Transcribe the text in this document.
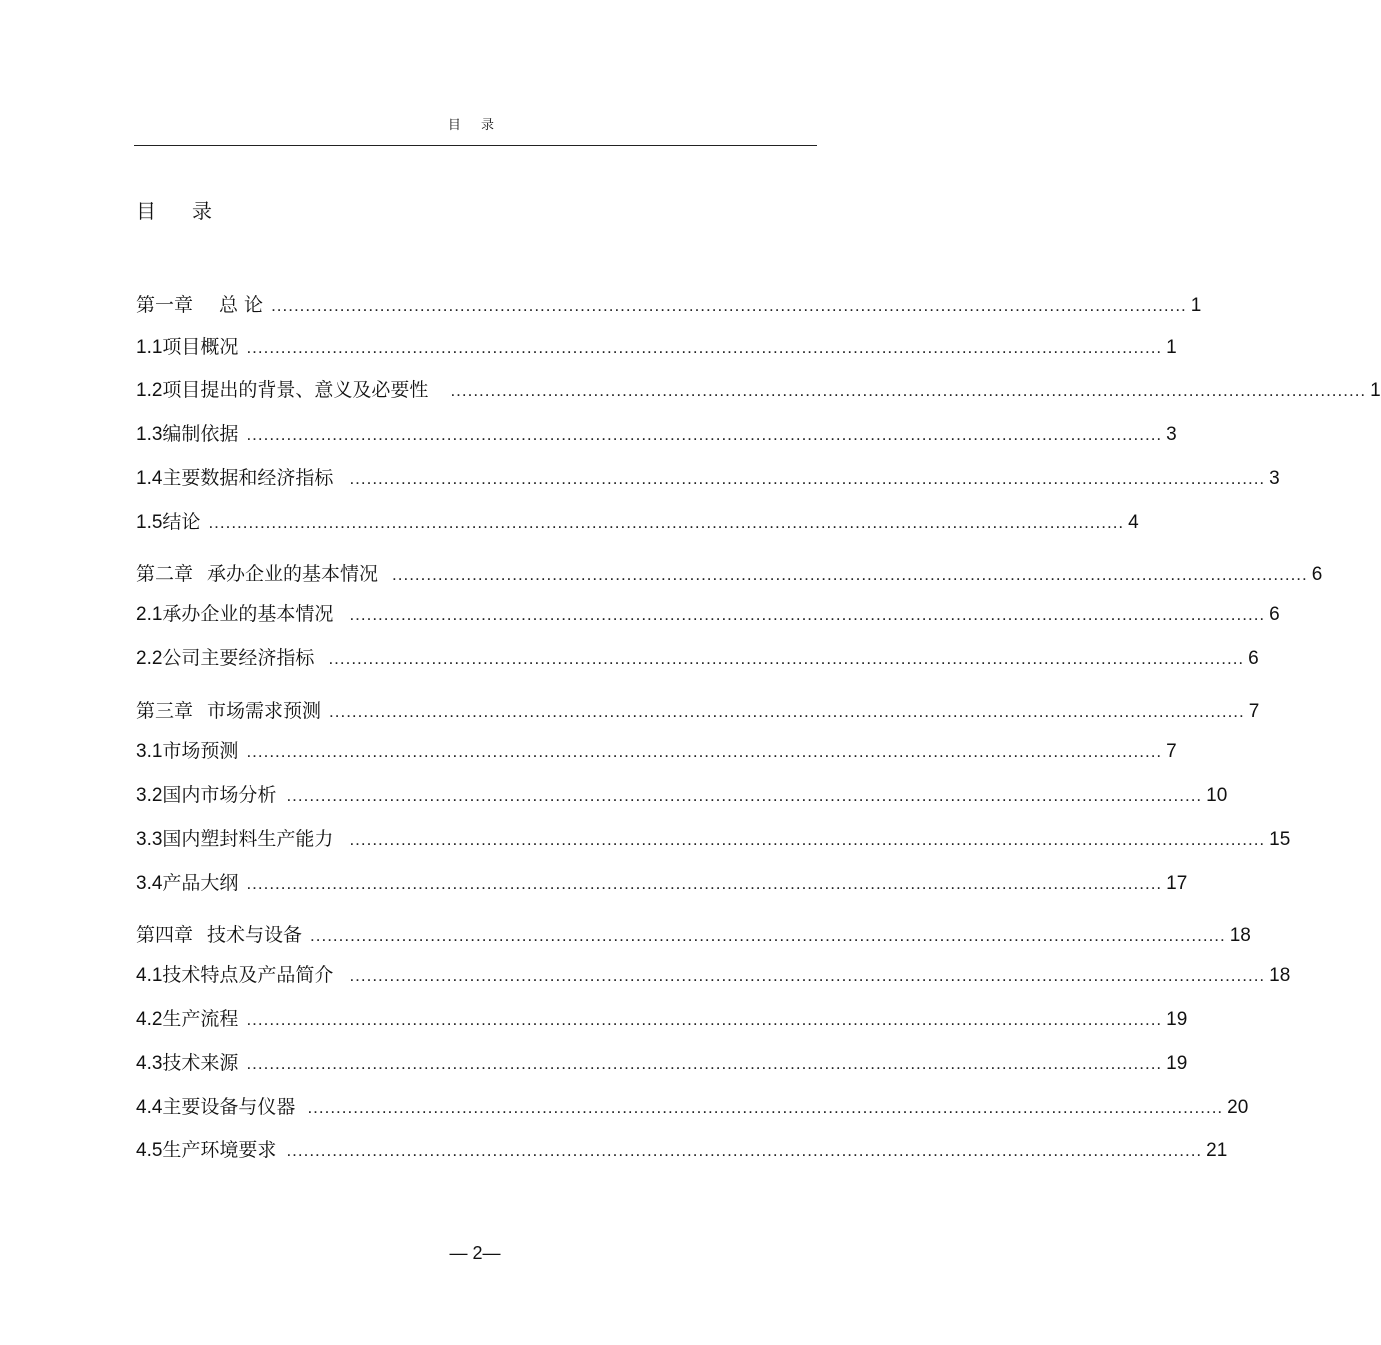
目 录
目 录
第一章 总 论 ................................................................................................................................................................ 1
1.1 项目概况 ................................................................................................................................................................ 1
1.2 项目提出的背景、意义及必要性 ................................................................................................................................................................ 1
1.3 编制依据 ................................................................................................................................................................ 3
1.4 主要数据和经济指标 ................................................................................................................................................................ 3
1.5 结论 ................................................................................................................................................................ 4
第二章 承办企业的基本情况 ................................................................................................................................................................ 6
2.1 承办企业的基本情况 ................................................................................................................................................................ 6
2.2 公司主要经济指标 ................................................................................................................................................................ 6
第三章 市场需求预测 ................................................................................................................................................................ 7
3.1 市场预测 ................................................................................................................................................................ 7
3.2 国内市场分析 ................................................................................................................................................................ 10
3.3 国内塑封料生产能力 ................................................................................................................................................................ 15
3.4 产品大纲 ................................................................................................................................................................ 17
第四章 技术与设备 ................................................................................................................................................................ 18
4.1 技术特点及产品简介 ................................................................................................................................................................ 18
4.2 生产流程 ................................................................................................................................................................ 19
4.3 技术来源 ................................................................................................................................................................ 19
4.4 主要设备与仪器 ................................................................................................................................................................ 20
4.5 生产环境要求 ................................................................................................................................................................ 21
— 2—
